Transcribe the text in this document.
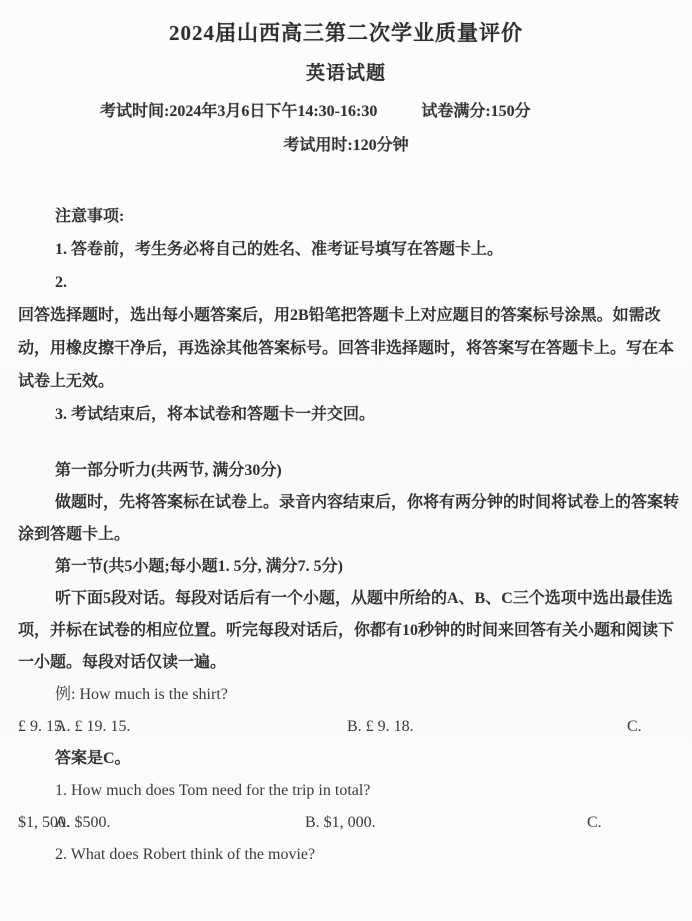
2024届山西高三第二次学业质量评价
英语试题
考试时间:2024年3月6日下午14:30-16:30	试卷满分:150分
考试用时:120分钟
注意事项:
1. 答卷前，考生务必将自己的姓名、准考证号填写在答题卡上。
2.
回答选择题时，选出每小题答案后，用2B铅笔把答题卡上对应题目的答案标号涂黑。如需改
动，用橡皮擦干净后，再选涂其他答案标号。回答非选择题时，将答案写在答题卡上。写在本
试卷上无效。
3. 考试结束后，将本试卷和答题卡一并交回。
第一部分听力(共两节, 满分30分)
做题时，先将答案标在试卷上。录音内容结束后，你将有两分钟的时间将试卷上的答案转
涂到答题卡上。
第一节(共5小题;每小题1. 5分, 满分7. 5分)
听下面5段对话。每段对话后有一个小题，从题中所给的A、B、C三个选项中选出最佳选
项，并标在试卷的相应位置。听完每段对话后，你都有10秒钟的时间来回答有关小题和阅读下
一小题。每段对话仅读一遍。
例: How much is the shirt?
A. £ 19. 15.	B. £ 9. 18.	C.
£ 9. 15.
答案是C。
1. How much does Tom need for the trip in total?
A. $500.	B. $1, 000.	C.
$1, 500.
2. What does Robert think of the movie?
